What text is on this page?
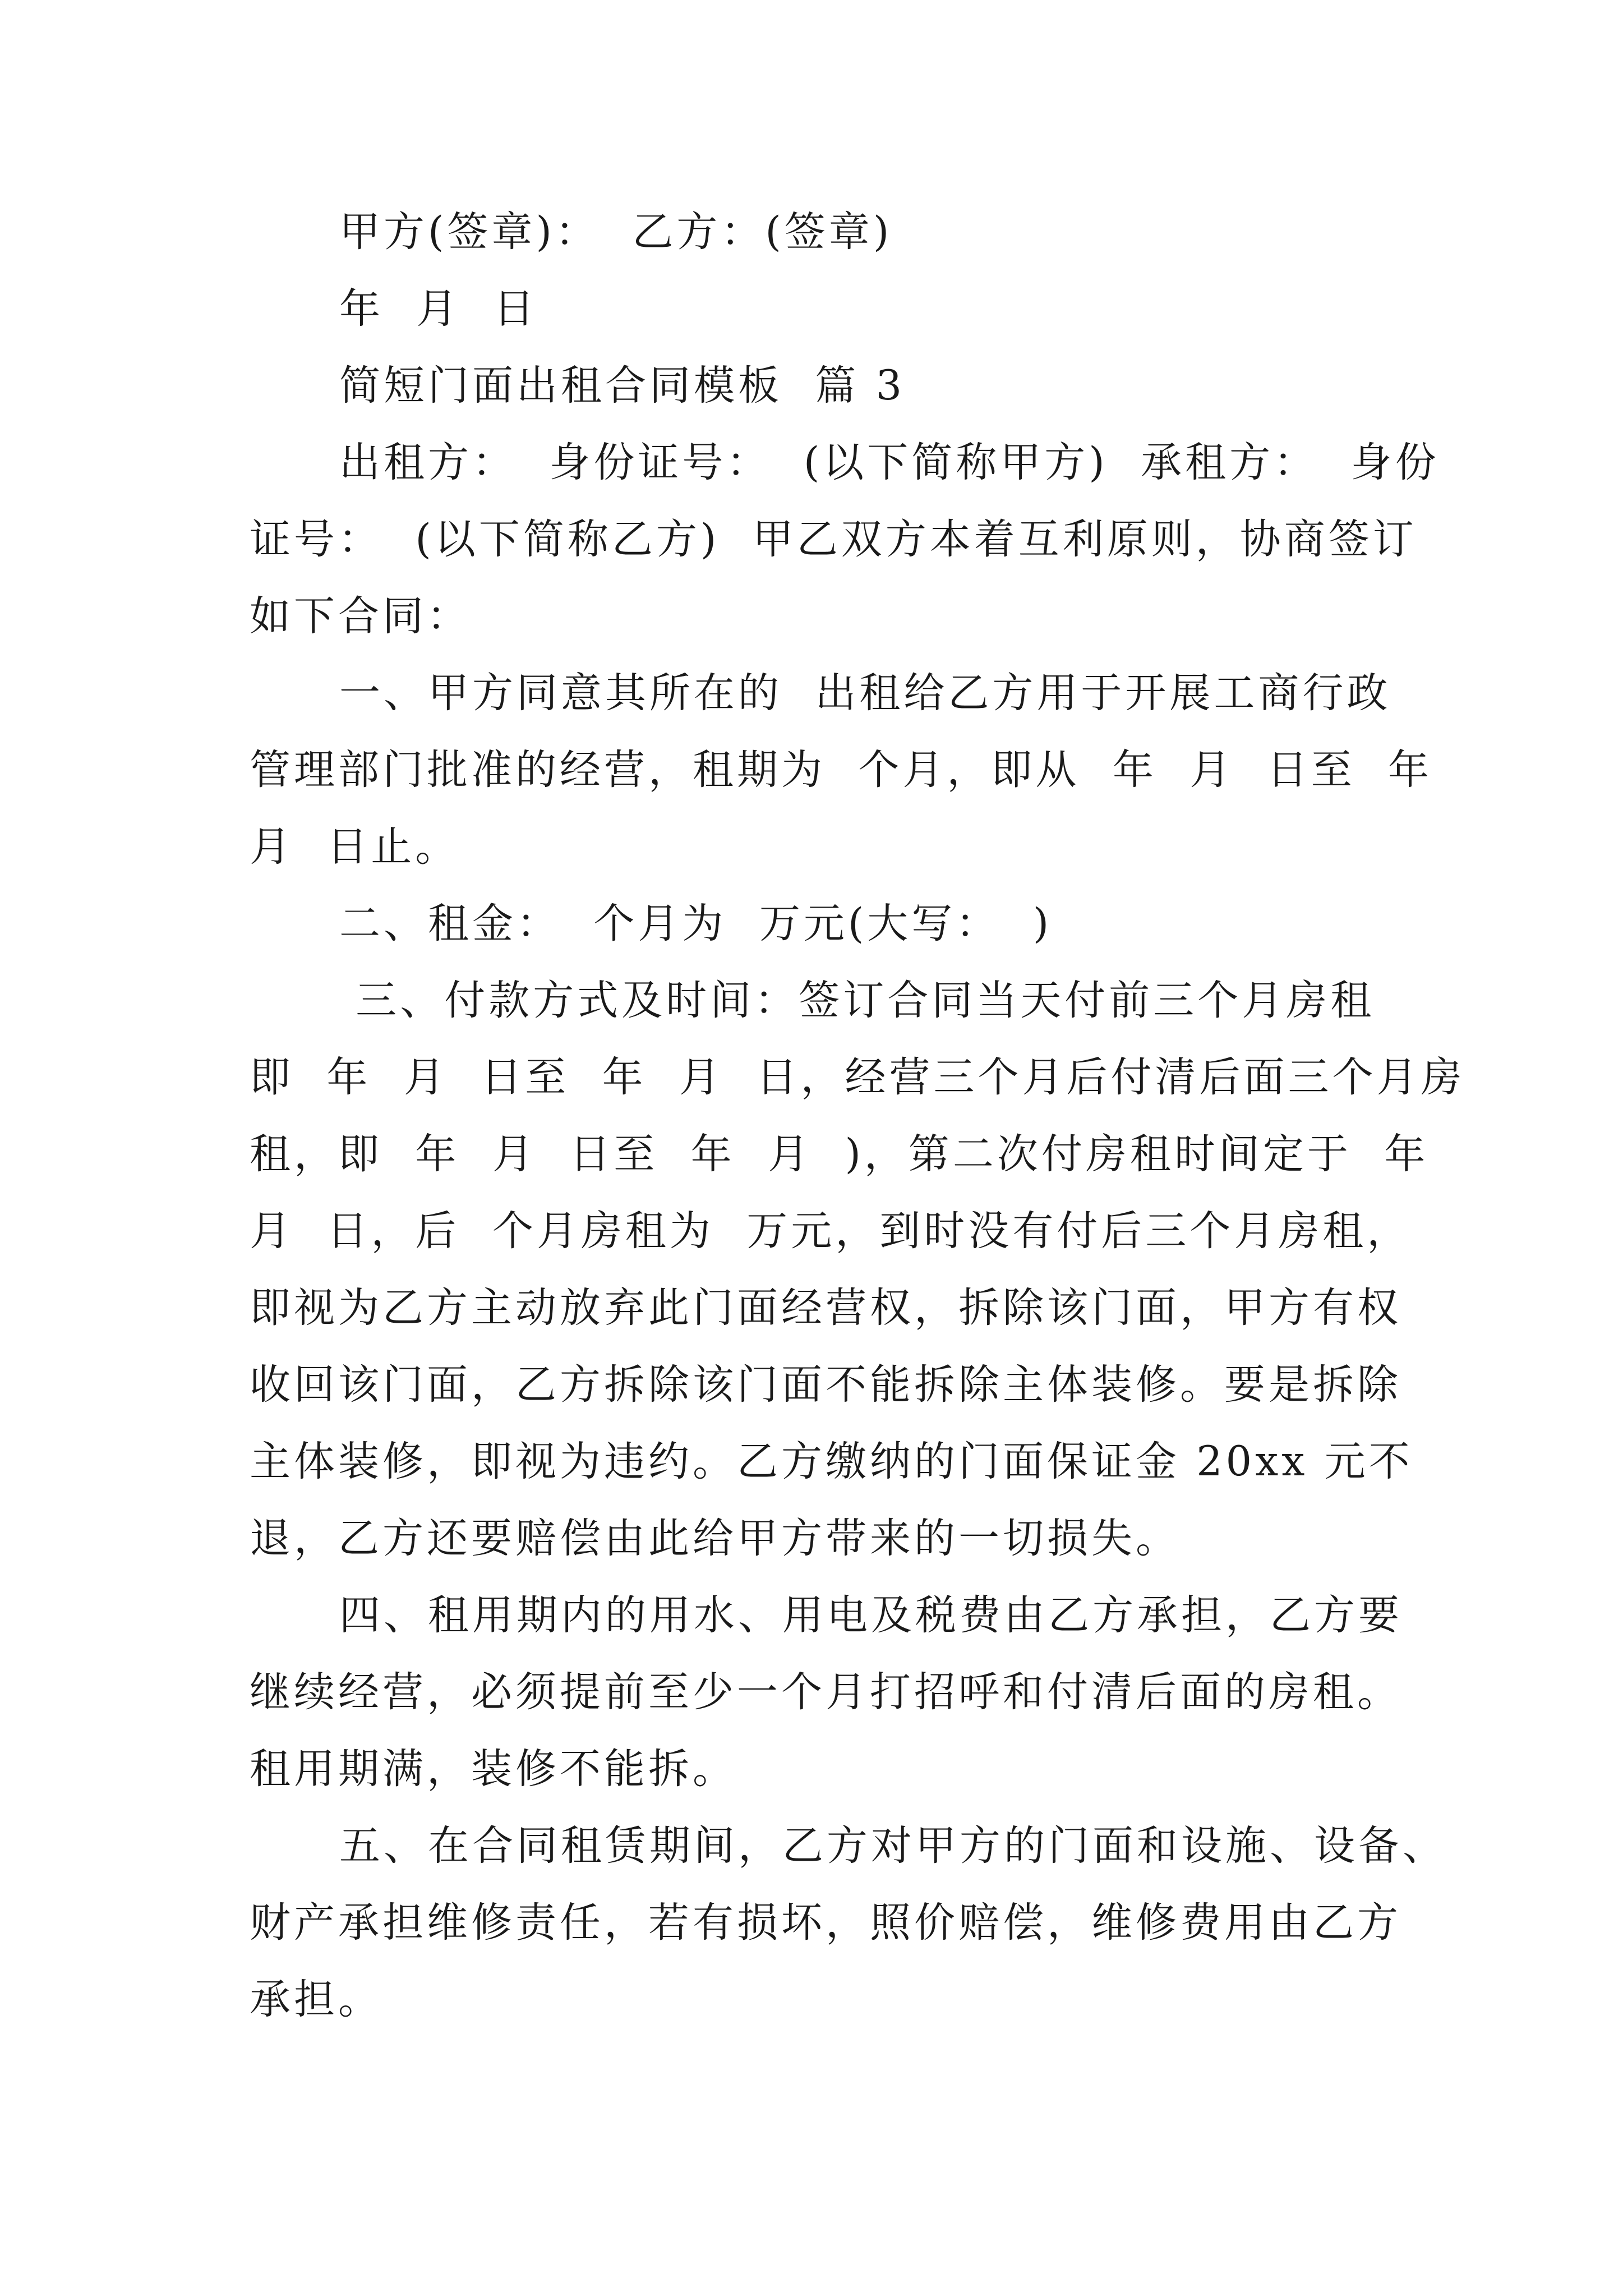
甲方(签章)：  乙方：(签章)

年  月  日

简短门面出租合同模板  篇 3

出租方：  身份证号：  (以下简称甲方)  承租方：  身份

证号：  (以下简称乙方)  甲乙双方本着互利原则，协商签订

如下合同：

一、甲方同意其所在的  出租给乙方用于开展工商行政

管理部门批准的经营，租期为  个月，即从  年  月  日至  年

月  日止。

二、租金：  个月为  万元(大写：  )

三、付款方式及时间：签订合同当天付前三个月房租

即  年  月  日至  年  月  日，经营三个月后付清后面三个月房

租，即  年  月  日至  年  月  )，第二次付房租时间定于  年

月  日，后  个月房租为  万元，到时没有付后三个月房租，

即视为乙方主动放弃此门面经营权，拆除该门面，甲方有权

收回该门面，乙方拆除该门面不能拆除主体装修。要是拆除

主体装修，即视为违约。乙方缴纳的门面保证金 20xx 元不

退，乙方还要赔偿由此给甲方带来的一切损失。

四、租用期内的用水、用电及税费由乙方承担，乙方要

继续经营，必须提前至少一个月打招呼和付清后面的房租。

租用期满，装修不能拆。

五、在合同租赁期间，乙方对甲方的门面和设施、设备、

财产承担维修责任，若有损坏，照价赔偿，维修费用由乙方

承担。
